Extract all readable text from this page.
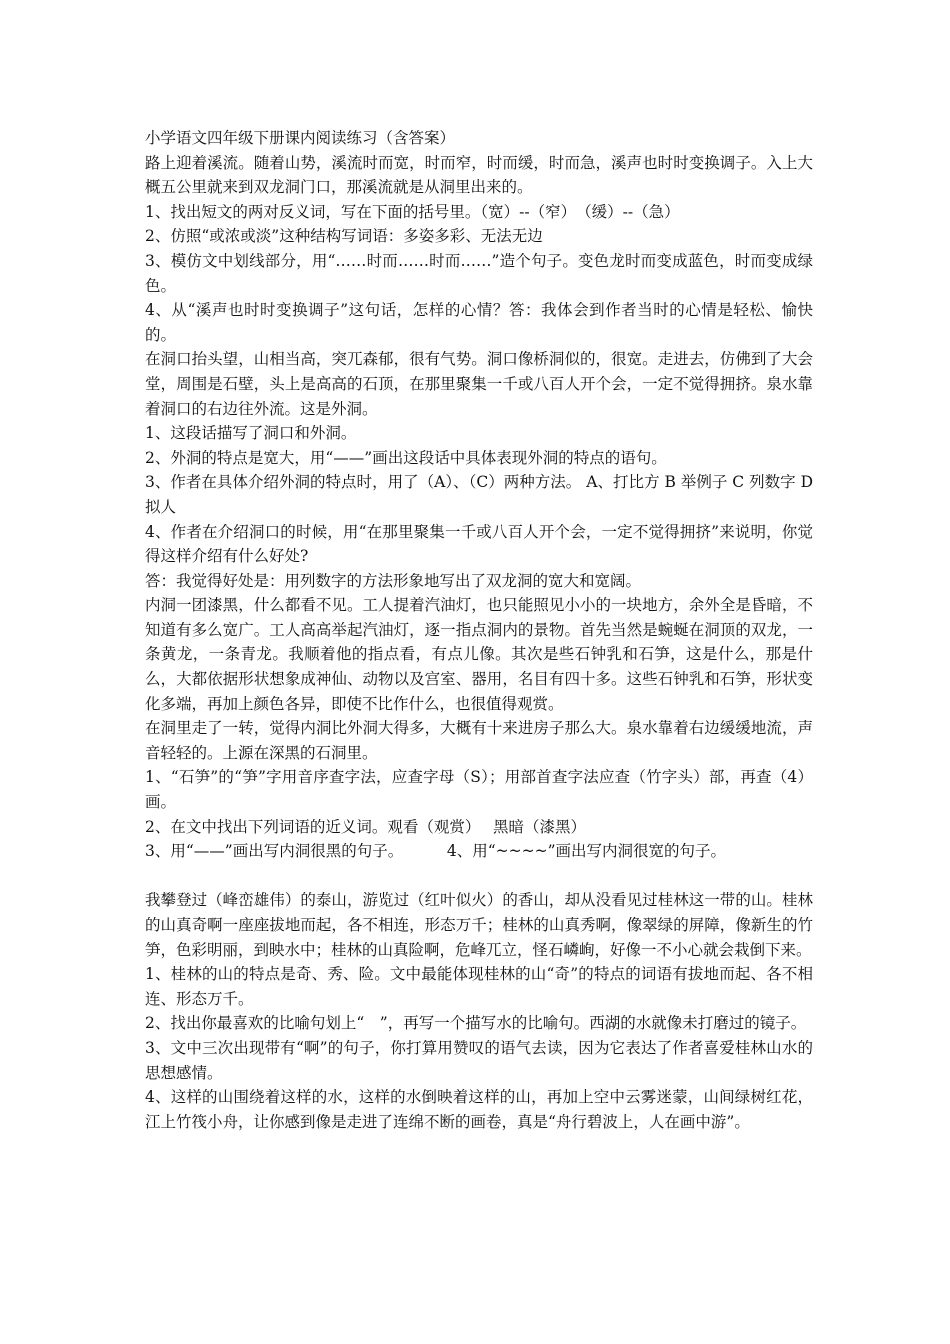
小学语文四年级下册课内阅读练习（含答案）

路上迎着溪流。随着山势，溪流时而宽，时而窄，时而缓，时而急，溪声也时时变换调子。入上大概五公里就来到双龙洞门口，那溪流就是从洞里出来的。

1、找出短文的两对反义词，写在下面的括号里。（宽）--（窄）　（缓）--（急）

2、仿照“或浓或淡”这种结构写词语：多姿多彩、无法无边

3、模仿文中划线部分，用“……时而……时而……”造个句子。变色龙时而变成蓝色，时而变成绿色。

4、从“溪声也时时变换调子”这句话，怎样的心情？答：我体会到作者当时的心情是轻松、愉快的。

在洞口抬头望，山相当高，突兀森郁，很有气势。洞口像桥洞似的，很宽。走进去，仿佛到了大会堂，周围是石壁，头上是高高的石顶，在那里聚集一千或八百人开个会，一定不觉得拥挤。泉水靠着洞口的右边往外流。这是外洞。

1、这段话描写了洞口和外洞。

2、外洞的特点是宽大，用“——”画出这段话中具体表现外洞的特点的语句。

3、作者在具体介绍外洞的特点时，用了（A）、（C）两种方法。 A、打比方 B 举例子 C 列数字 D 拟人

4、作者在介绍洞口的时候，用“在那里聚集一千或八百人开个会，一定不觉得拥挤”来说明，你觉得这样介绍有什么好处?

答：我觉得好处是：用列数字的方法形象地写出了双龙洞的宽大和宽阔。

内洞一团漆黑，什么都看不见。工人提着汽油灯，也只能照见小小的一块地方，余外全是昏暗，不知道有多么宽广。工人高高举起汽油灯，逐一指点洞内的景物。首先当然是蜿蜒在洞顶的双龙，一条黄龙，一条青龙。我顺着他的指点看，有点儿像。其次是些石钟乳和石笋，这是什么，那是什么，大都依据形状想象成神仙、动物以及宫室、器用，名目有四十多。这些石钟乳和石笋，形状变化多端，再加上颜色各异，即使不比作什么，也很值得观赏。

在洞里走了一转，觉得内洞比外洞大得多，大概有十来进房子那么大。泉水靠着右边缓缓地流，声音轻轻的。上源在深黑的石洞里。

1、“石笋”的“笋”字用音序查字法，应查字母（S）；用部首查字法应查（竹字头）部，再查（4）画。

2、在文中找出下列词语的近义词。观看（观赏）　 黑暗（漆黑）

3、用“——”画出写内洞很黑的句子。　　　 4、用“~~~~”画出写内洞很宽的句子。

我攀登过（峰峦雄伟）的泰山，游览过（红叶似火）的香山，却从没看见过桂林这一带的山。桂林的山真奇啊一座座拔地而起，各不相连，形态万千；桂林的山真秀啊，像翠绿的屏障，像新生的竹笋，色彩明丽，到映水中；桂林的山真险啊，危峰兀立，怪石嶙峋，好像一不小心就会栽倒下来。

1、桂林的山的特点是奇、秀、险。文中最能体现桂林的山“奇”的特点的词语有拔地而起、各不相连、形态万千。

2、找出你最喜欢的比喻句划上“　”，再写一个描写水的比喻句。西湖的水就像未打磨过的镜子。

3、文中三次出现带有“啊”的句子，你打算用赞叹的语气去读，因为它表达了作者喜爱桂林山水的思想感情。

4、这样的山围绕着这样的水，这样的水倒映着这样的山，再加上空中云雾迷蒙，山间绿树红花，江上竹筏小舟，让你感到像是走进了连绵不断的画卷，真是“舟行碧波上，人在画中游”。
